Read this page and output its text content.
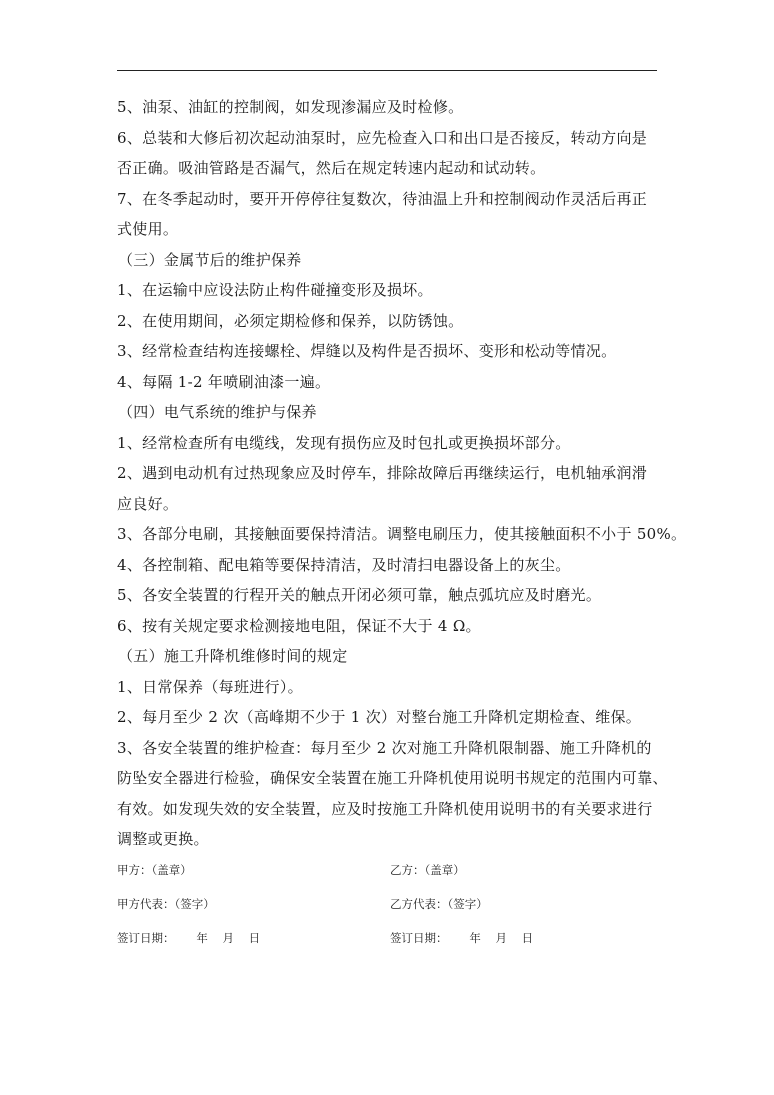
5、油泵、油缸的控制阀，如发现渗漏应及时检修。
6、总装和大修后初次起动油泵时，应先检查入口和出口是否接反，转动方向是
否正确。吸油管路是否漏气，然后在规定转速内起动和试动转。
7、在冬季起动时，要开开停停往复数次，待油温上升和控制阀动作灵活后再正
式使用。
（三）金属节后的维护保养
1、在运输中应设法防止构件碰撞变形及损坏。
2、在使用期间，必须定期检修和保养，以防锈蚀。
3、经常检查结构连接螺栓、焊缝以及构件是否损坏、变形和松动等情况。
4、每隔 1-2 年喷刷油漆一遍。
（四）电气系统的维护与保养
1、经常检查所有电缆线，发现有损伤应及时包扎或更换损坏部分。
2、遇到电动机有过热现象应及时停车，排除故障后再继续运行，电机轴承润滑
应良好。
3、各部分电刷，其接触面要保持清洁。调整电刷压力，使其接触面积不小于 50%。
4、各控制箱、配电箱等要保持清洁，及时清扫电器设备上的灰尘。
5、各安全装置的行程开关的触点开闭必须可靠，触点弧坑应及时磨光。
6、按有关规定要求检测接地电阻，保证不大于 4 Ω。
（五）施工升降机维修时间的规定
1、日常保养（每班进行）。
2、每月至少 2 次（高峰期不少于 1 次）对整台施工升降机定期检查、维保。
3、各安全装置的维护检查：每月至少 2 次对施工升降机限制器、施工升降机的
防坠安全器进行检验，确保安全装置在施工升降机使用说明书规定的范围内可靠、
有效。如发现失效的安全装置，应及时按施工升降机使用说明书的有关要求进行
调整或更换。
甲方：（盖章）	乙方：（盖章）
甲方代表：（签字）	乙方代表：（签字）
签订日期：      年    月    日	签订日期：      年    月    日
